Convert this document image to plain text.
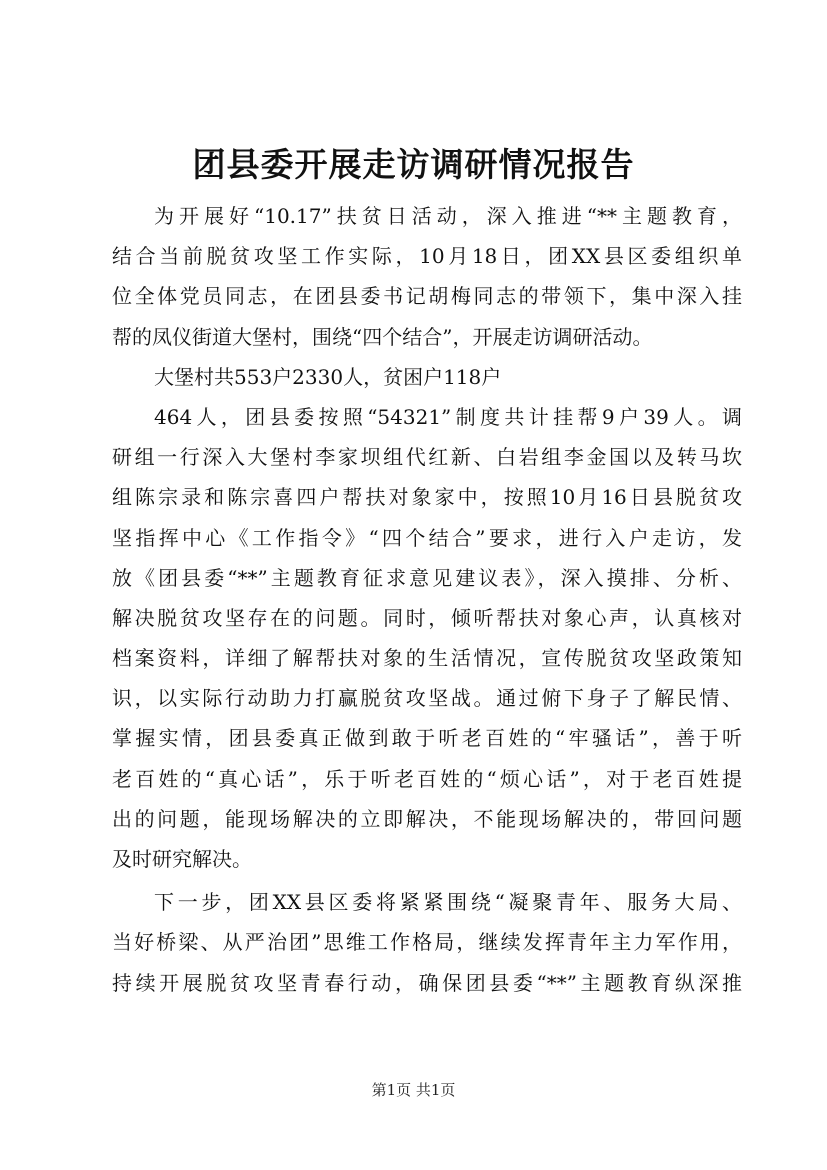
团县委开展走访调研情况报告
为开展好“10.17”扶贫日活动，深入推进“**主题教育，
结合当前脱贫攻坚工作实际，10月18日，团XX县区委组织单
位全体党员同志，在团县委书记胡梅同志的带领下，集中深入挂
帮的凤仪街道大堡村，围绕“四个结合”，开展走访调研活动。
大堡村共553户2330人，贫困户118户
464人，团县委按照“54321”制度共计挂帮9户39人。调
研组一行深入大堡村李家坝组代红新、白岩组李金国以及转马坎
组陈宗录和陈宗喜四户帮扶对象家中，按照10月16日县脱贫攻
坚指挥中心《工作指令》“四个结合”要求，进行入户走访，发
放《团县委“**”主题教育征求意见建议表》，深入摸排、分析、
解决脱贫攻坚存在的问题。同时，倾听帮扶对象心声，认真核对
档案资料，详细了解帮扶对象的生活情况，宣传脱贫攻坚政策知
识，以实际行动助力打赢脱贫攻坚战。通过俯下身子了解民情、
掌握实情，团县委真正做到敢于听老百姓的“牢骚话”，善于听
老百姓的“真心话”，乐于听老百姓的“烦心话”，对于老百姓提
出的问题，能现场解决的立即解决，不能现场解决的，带回问题
及时研究解决。
下一步，团XX县区委将紧紧围绕“凝聚青年、服务大局、
当好桥梁、从严治团”思维工作格局，继续发挥青年主力军作用，
持续开展脱贫攻坚青春行动，确保团县委“**”主题教育纵深推
第1页 共1页
